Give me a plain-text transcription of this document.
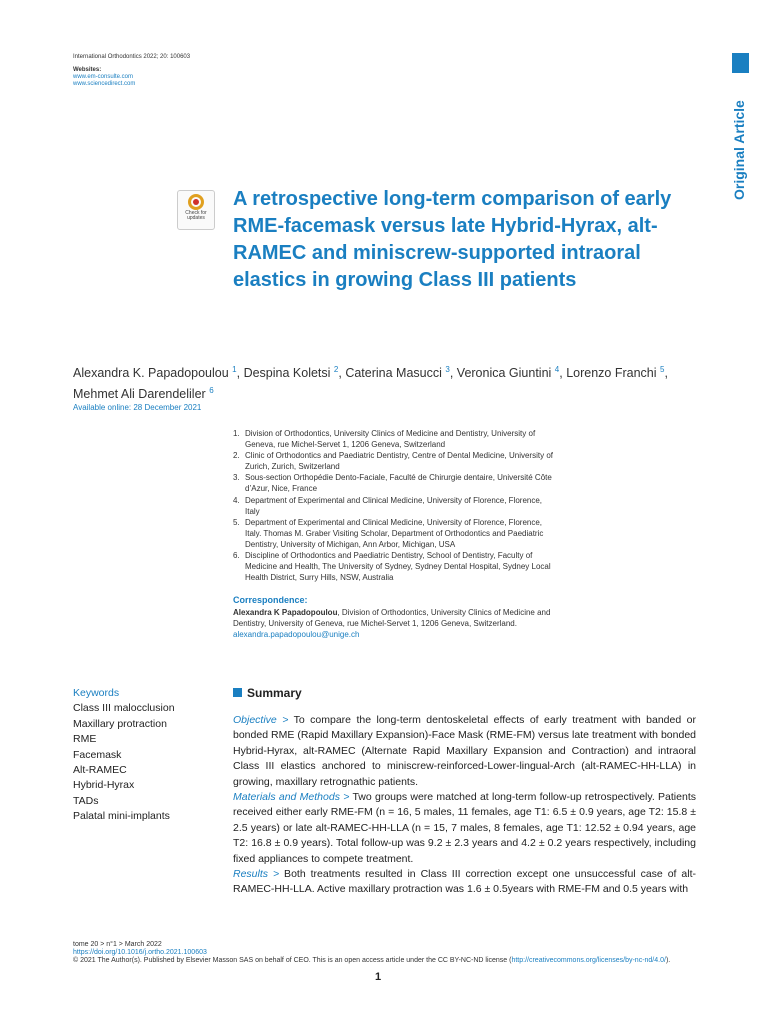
International Orthodontics 2022; 20: 100603
Websites:
www.em-consulte.com
www.sciencedirect.com
Original Article
Check for updates
A retrospective long-term comparison of early RME-facemask versus late Hybrid-Hyrax, alt-RAMEC and miniscrew-supported intraoral elastics in growing Class III patients
Alexandra K. Papadopoulou $^1$, Despina Koletsi $^2$, Caterina Masucci $^3$, Veronica Giuntini $^4$, Lorenzo Franchi $^5$,
Mehmet Ali Darendeliler $^6$
Available online: 28 December 2021
1. Division of Orthodontics, University Clinics of Medicine and Dentistry, University of Geneva, rue Michel-Servet 1, 1206 Geneva, Switzerland
2. Clinic of Orthodontics and Paediatric Dentistry, Centre of Dental Medicine, University of Zurich, Zurich, Switzerland
3. Sous-section Orthopédie Dento-Faciale, Faculté de Chirurgie dentaire, Université Côte d’Azur, Nice, France
4. Department of Experimental and Clinical Medicine, University of Florence, Florence, Italy
5. Department of Experimental and Clinical Medicine, University of Florence, Florence, Italy. Thomas M. Graber Visiting Scholar, Department of Orthodontics and Paediatric Dentistry, University of Michigan, Ann Arbor, Michigan, USA
6. Discipline of Orthodontics and Paediatric Dentistry, School of Dentistry, Faculty of Medicine and Health, The University of Sydney, Sydney Dental Hospital, Sydney Local Health District, Surry Hills, NSW, Australia
Correspondence:
Alexandra K Papadopoulou, Division of Orthodontics, University Clinics of Medicine and Dentistry, University of Geneva, rue Michel-Servet 1, 1206 Geneva, Switzerland.
alexandra.papadopoulou@unige.ch
Keywords
Class III malocclusion
Maxillary protraction
RME
Facemask
Alt-RAMEC
Hybrid-Hyrax
TADs
Palatal mini-implants
Summary

Objective > To compare the long-term dentoskeletal effects of early treatment with banded or bonded RME (Rapid Maxillary Expansion)-Face Mask (RME-FM) versus late treatment with bonded Hybrid-Hyrax, alt-RAMEC (Alternate Rapid Maxillary Expansion and Contraction) and intraoral Class III elastics anchored to miniscrew-reinforced-Lower-lingual-Arch (alt-RAMEC-HH-LLA) in growing, maxillary retrognathic patients.

Materials and Methods > Two groups were matched at long-term follow-up retrospectively. Patients received either early RME-FM (n = 16, 5 males, 11 females, age T1: 6.5 ± 0.9 years, age T2: 15.8 ± 2.5 years) or late alt-RAMEC-HH-LLA (n = 15, 7 males, 8 females, age T1: 12.52 ± 0.94 years, age T2: 16.8 ± 0.9 years). Total follow-up was 9.2 ± 2.3 years and 4.2 ± 0.2 years respectively, including fixed appliances to compete treatment.

Results > Both treatments resulted in Class III correction except one unsuccessful case of alt-RAMEC-HH-LLA. Active maxillary protraction was 1.6 ± 0.5years with RME-FM and 0.5 years with

tome 20 > n°1 > March 2022
https://doi.org/10.1016/j.ortho.2021.100603
© 2021 The Author(s). Published by Elsevier Masson SAS on behalf of CEO. This is an open access article under the CC BY-NC-ND license (http://creativecommons.org/licenses/by-nc-nd/4.0/).
1
